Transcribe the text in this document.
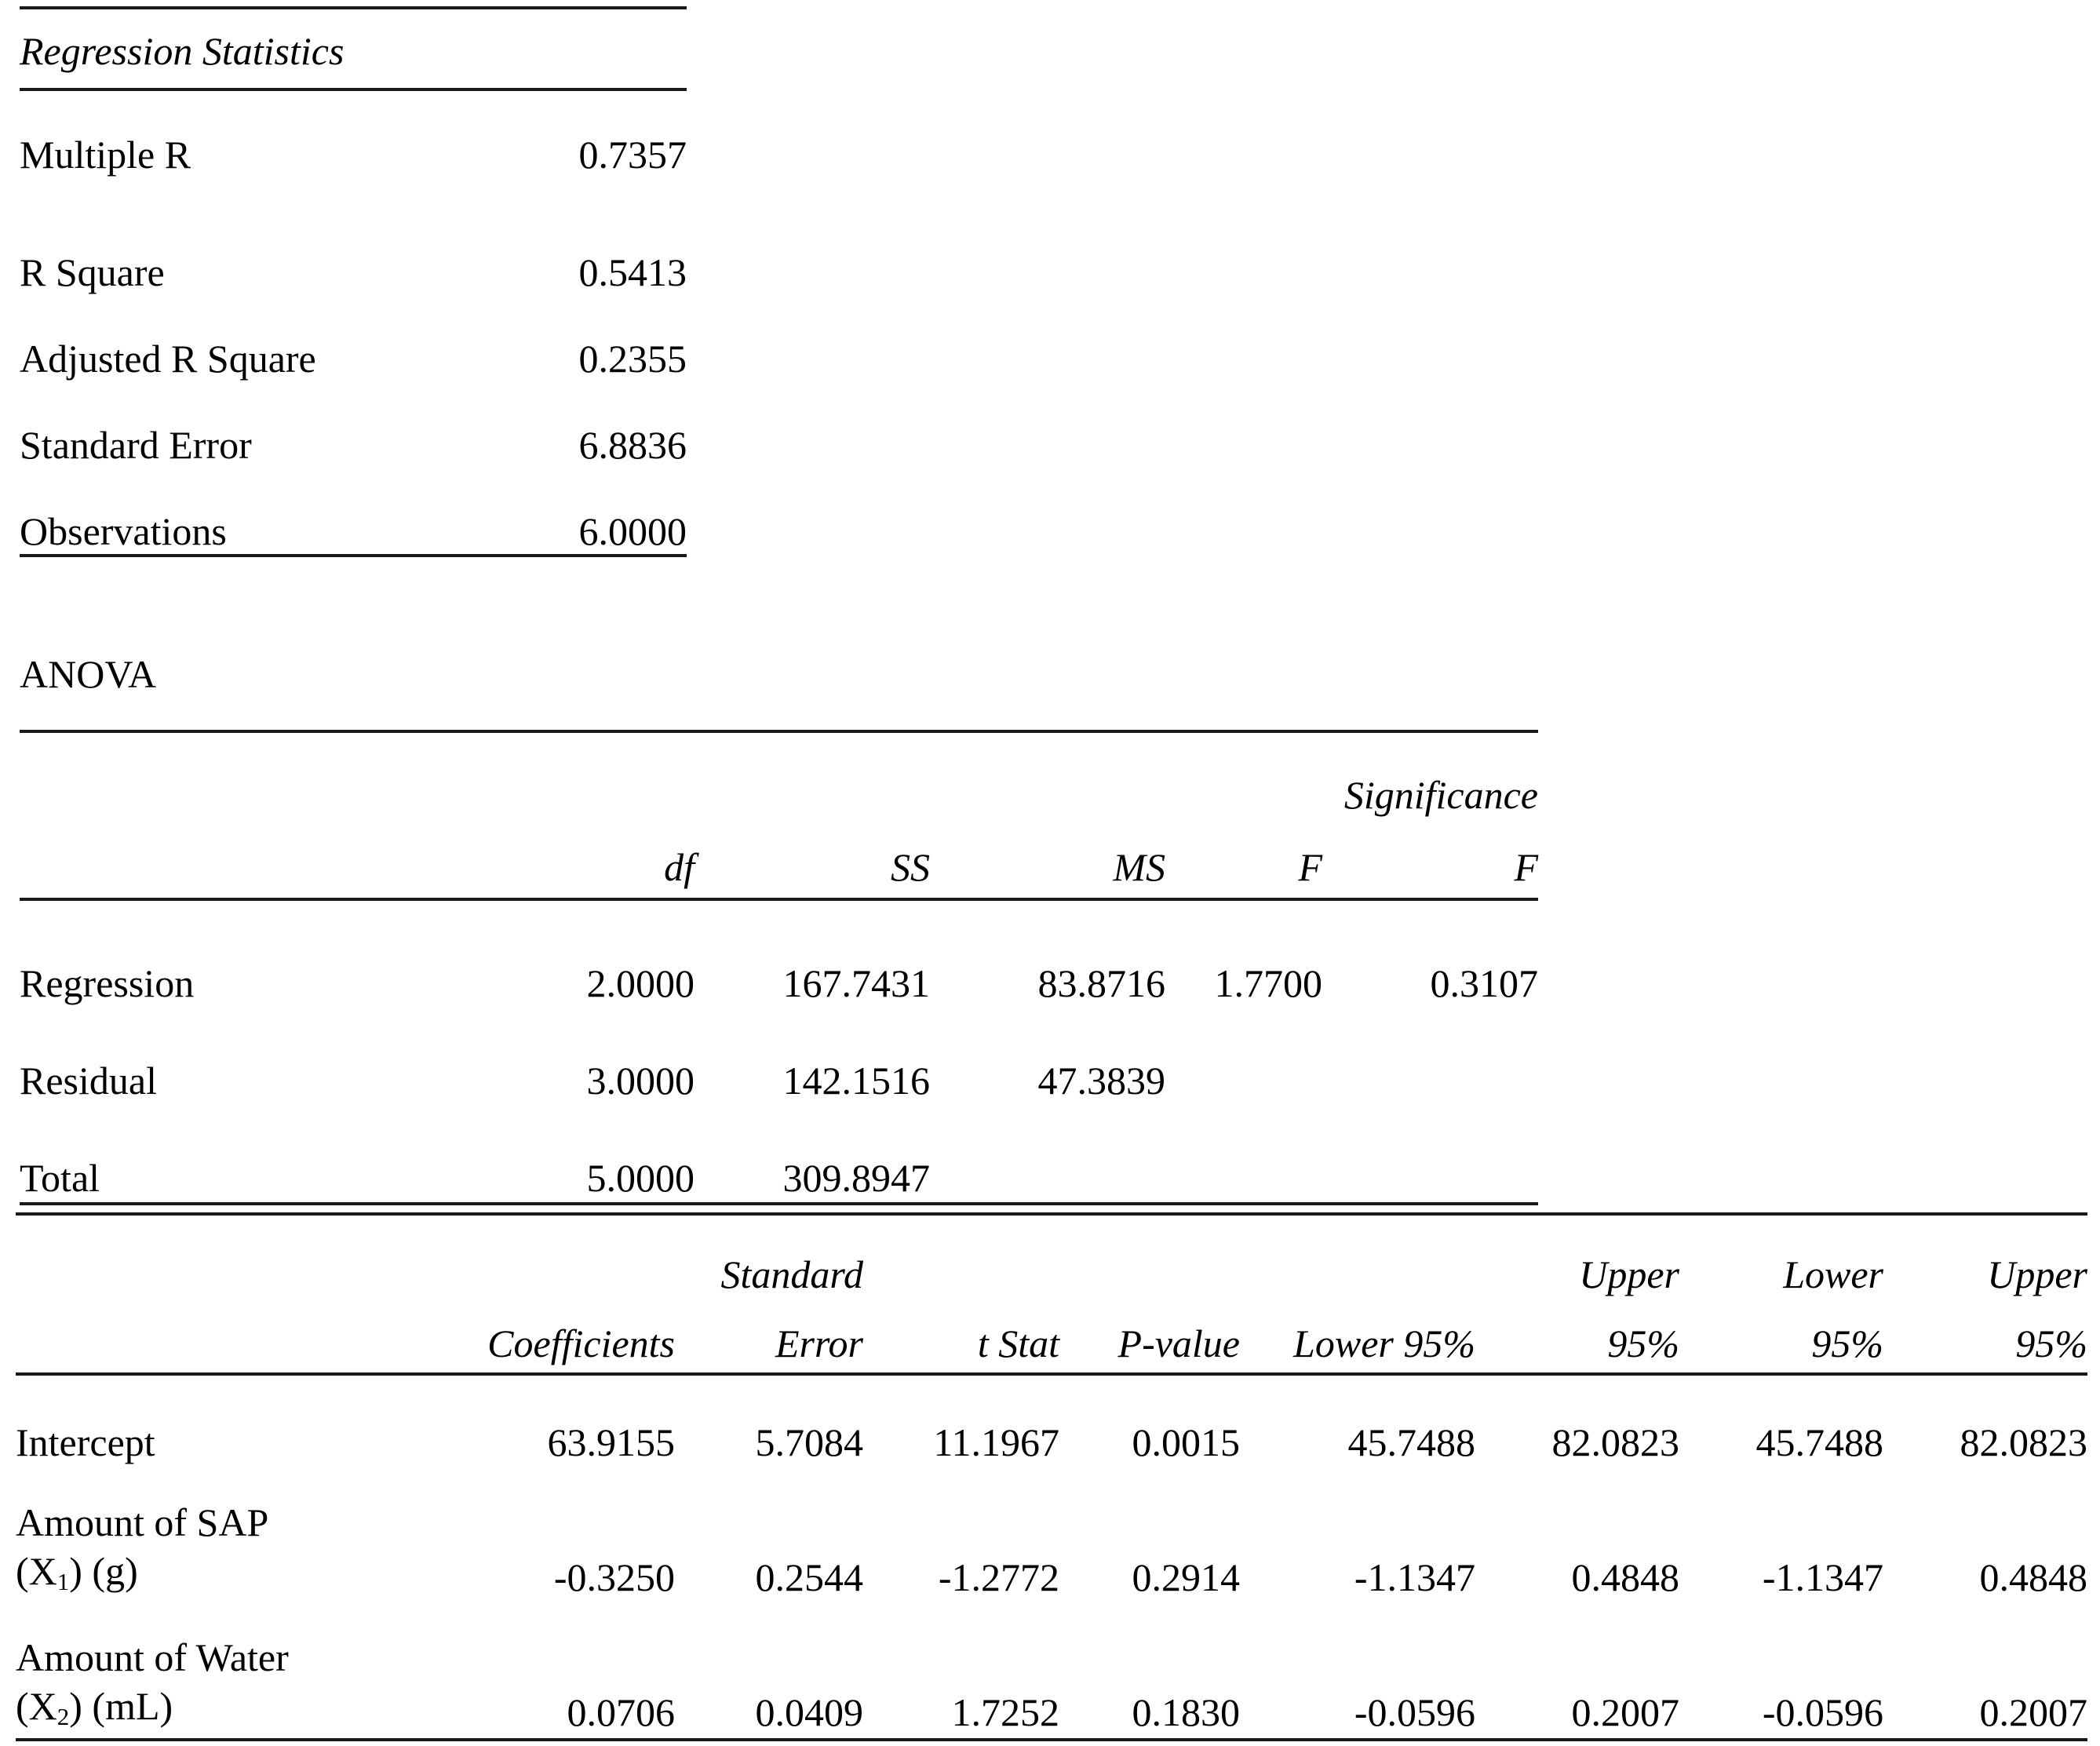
Regression Statistics	
Multiple R	0.7357
R Square	0.5413
Adjusted R Square	0.2355
Standard Error	6.8836
Observations	6.0000
ANOVA
					Significance
	df	SS	MS	F	F
Regression	2.0000	167.7431	83.8716	1.7700	0.3107
Residual	3.0000	142.1516	47.3839		
Total	5.0000	309.8947			
		Standard				Upper	Lower	Upper
	Coefficients	Error	t Stat	P-value	Lower 95%	95%	95%	95%
Intercept	63.9155	5.7084	11.1967	0.0015	45.7488	82.0823	45.7488	82.0823

Amount of SAP
$(X_1)$ (g)	-0.3250	0.2544	-1.2772	0.2914	-1.1347	0.4848	-1.1347	0.4848

Amount of Water
$(X_2)$ (mL)	0.0706	0.0409	1.7252	0.1830	-0.0596	0.2007	-0.0596	0.2007
